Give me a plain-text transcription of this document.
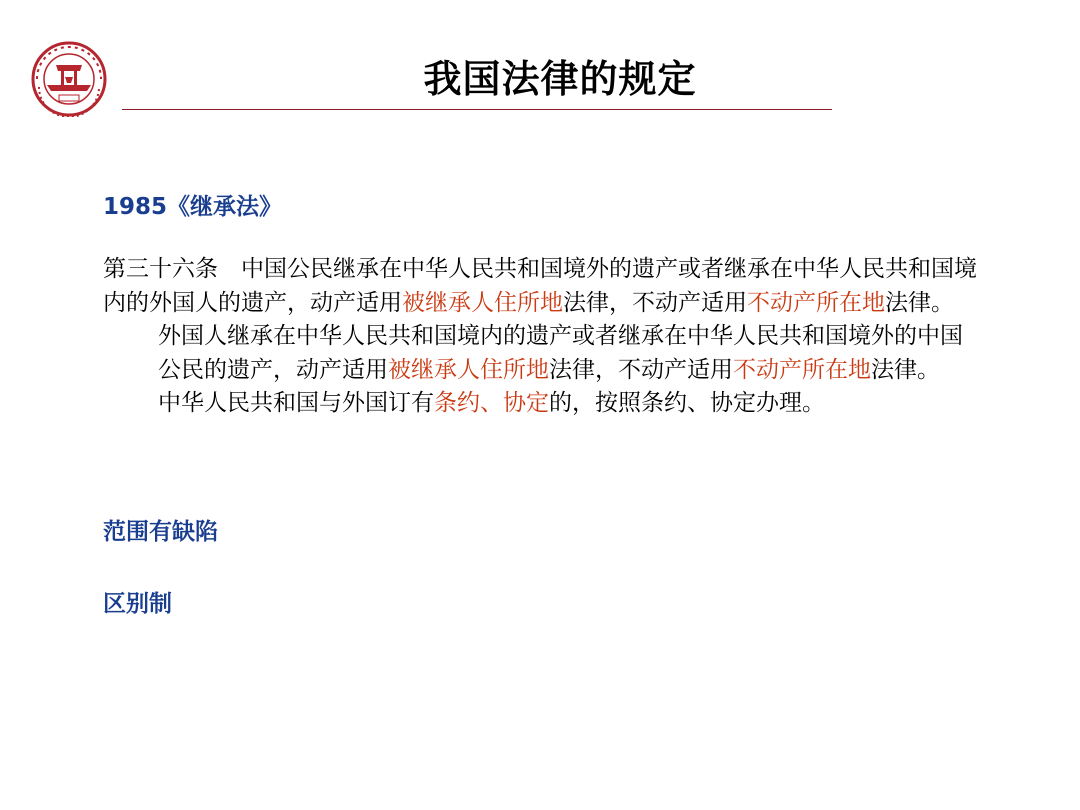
我国法律的规定
1985《继承法》

第三十六条　中国公民继承在中华人民共和国境外的遗产或者继承在中华人民共和国境内的外国人的遗产，动产适用被继承人住所地法律，不动产适用不动产所在地法律。

外国人继承在中华人民共和国境内的遗产或者继承在中华人民共和国境外的中国公民的遗产，动产适用被继承人住所地法律，不动产适用不动产所在地法律。

中华人民共和国与外国订有条约、协定的，按照条约、协定办理。

范围有缺陷
区别制
